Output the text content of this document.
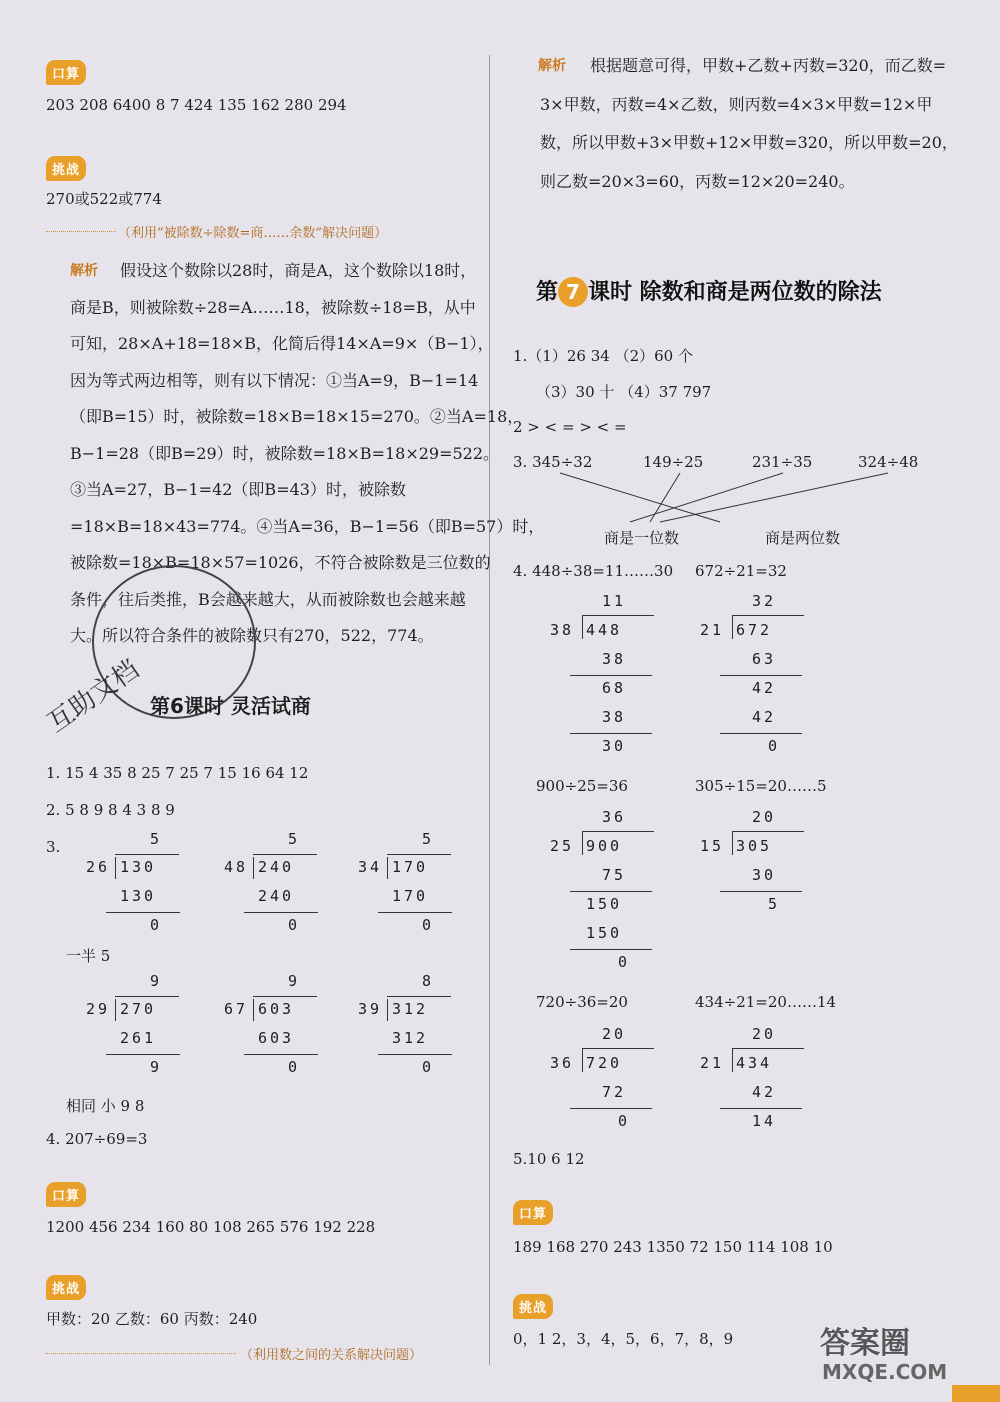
口算
203 208 6400 8 7 424 135 162 280 294
挑战
270或522或774
（利用“被除数÷除数=商……余数”解决问题）
解析 假设这个数除以28时，商是A，这个数除以18时，
商是B，则被除数÷28=A……18，被除数÷18=B，从中
可知，28×A+18=18×B，化简后得14×A=9×（B−1），
因为等式两边相等，则有以下情况：①当A=9，B−1=14
（即B=15）时，被除数=18×B=18×15=270。②当A=18，
B−1=28（即B=29）时，被除数=18×B=18×29=522。
③当A=27，B−1=42（即B=43）时，被除数
=18×B=18×43=774。④当A=36，B−1=56（即B=57）时，
被除数=18×B=18×57=1026，不符合被除数是三位数的
条件，往后类推，B会越来越大，从而被除数也会越来越
大。所以符合条件的被除数只有270，522，774。
第6课时 灵活试商
互助文档
1. 15 4 35 8 25 7 25 7 15 16 64 12
2. 5 8 9 8 4 3 8 9
3.	5
26 130
130
0
5
48 240
240
0
5
34 170
170
0
9
29 270
261
9
9
67 603
603
0
8
39 312
312
0
一半 5
相同 小 9 8
4. 207÷69=3
口算
1200 456 234 160 80 108 265 576 192 228
挑战
甲数：20 乙数：60 丙数：240
（利用数之间的关系解决问题）
解析 根据题意可得，甲数+乙数+丙数=320，而乙数=
3×甲数，丙数=4×乙数，则丙数=4×3×甲数=12×甲
数，所以甲数+3×甲数+12×甲数=320，所以甲数=20，
则乙数=20×3=60，丙数=12×20=240。
第 7 课时 除数和商是两位数的除法
1.（1）26 34 （2）60 个
（3）30 十 （4）37 797
2 > < = > < =
3. 345÷32	149÷25	231÷35	324÷48
商是一位数	商是两位数
4. 448÷38=11……30 672÷21=32
900÷25=36	305÷15=20……5
720÷36=20	434÷21=20……14
11
38 448
38
68
38
30
32
21 672
63
42
42
0
36
25 900
75
150
150
0
20
15 305
30
5
20
36 720
72
0
20
21 434
42
14
5.10 6 12
口算
189 168 270 243 1350 72 150 114 108 10
挑战
0，1 2，3，4，5，6，7，8，9	答案圈
MXQE.COM
